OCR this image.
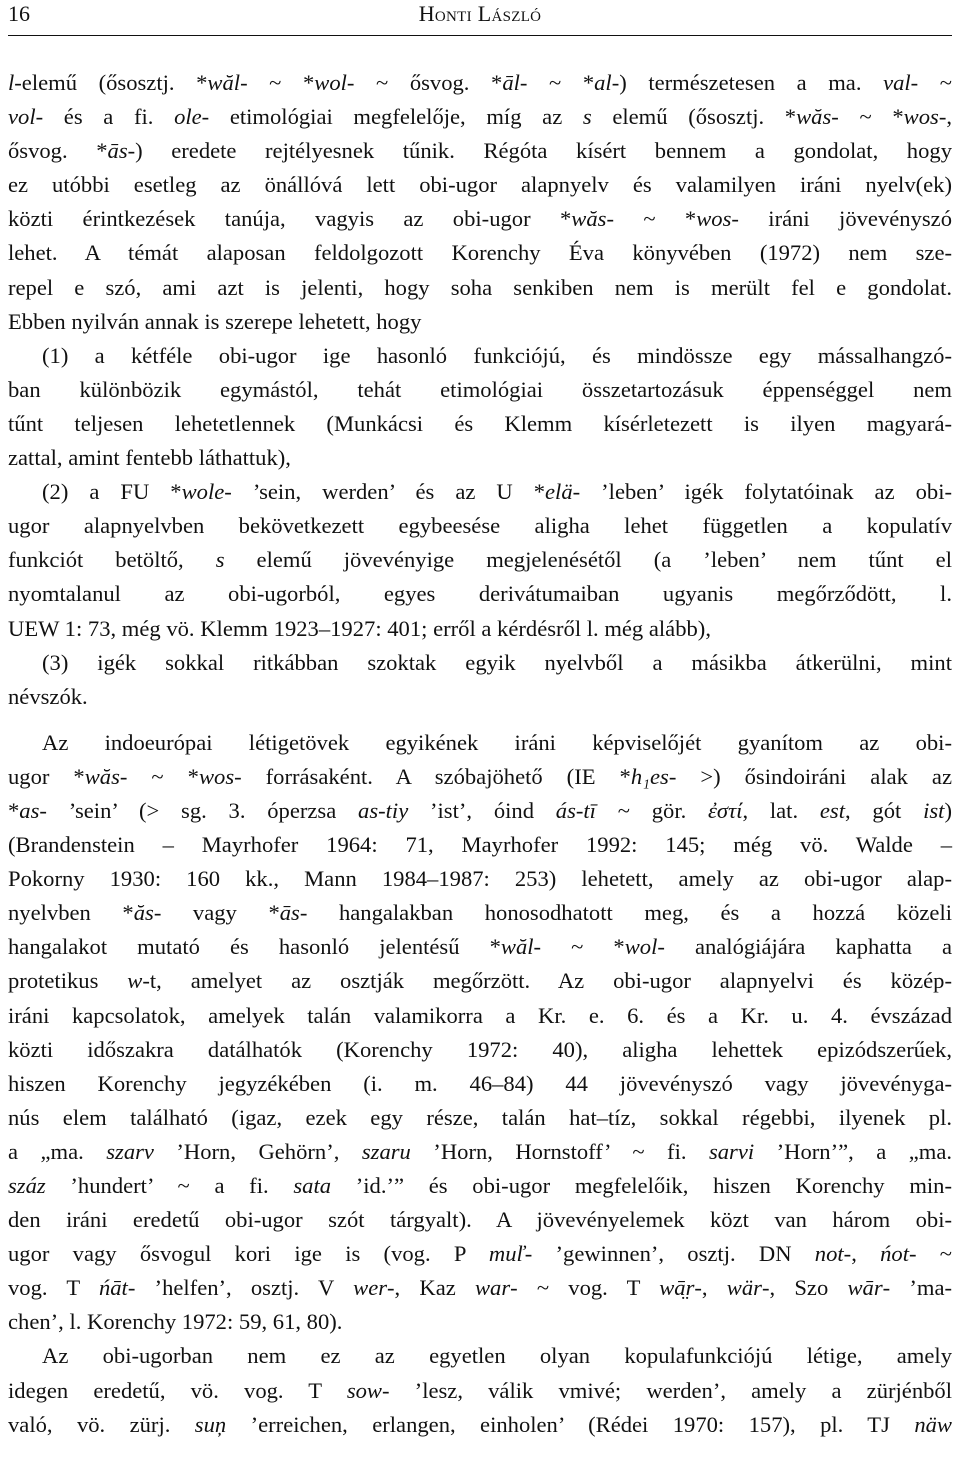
16	Honti László
l-elemű (ősosztj. *wăl- ~ *wol- ~ ősvog. *āl- ~ *al-) természetesen a ma. val- ~
vol- és a fi. ole- etimológiai megfelelője, míg az s elemű (ősosztj. *wăs- ~ *wos-,
ősvog. *ās-) eredete rejtélyesnek tűnik. Régóta kísért bennem a gondolat, hogy
ez utóbbi esetleg az önállóvá lett obi-ugor alapnyelv és valamilyen iráni nyelv(ek)
közti érintkezések tanúja, vagyis az obi-ugor *wăs- ~ *wos- iráni jövevényszó
lehet. A témát alaposan feldolgozott Korenchy Éva könyvében (1972) nem sze-
repel e szó, ami azt is jelenti, hogy soha senkiben nem is merült fel e gondolat.
Ebben nyilván annak is szerepe lehetett, hogy
(1) a kétféle obi-ugor ige hasonló funkciójú, és mindössze egy mássalhangzó-
ban különbözik egymástól, tehát etimológiai összetartozásuk éppenséggel nem
tűnt teljesen lehetetlennek (Munkácsi és Klemm kísérletezett is ilyen magyará-
zattal, amint fentebb láthattuk),
(2) a FU *wole- ’sein, werden’ és az U *elä- ’leben’ igék folytatóinak az obi-
ugor alapnyelvben bekövetkezett egybeesése aligha lehet független a kopulatív
funkciót betöltő, s elemű jövevényige megjelenésétől (a ’leben’ nem tűnt el
nyomtalanul az obi-ugorból, egyes derivátumaiban ugyanis megőrződött, l.
UEW 1: 73, még vö. Klemm 1923–1927: 401; erről a kérdésről l. még alább),
(3) igék sokkal ritkábban szoktak egyik nyelvből a másikba átkerülni, mint
névszók.
Az indoeurópai létigetövek egyikének iráni képviselőjét gyanítom az obi-
ugor *wăs- ~ *wos- forrásaként. A szóbajöhető (IE *h₁es- >) ősindoiráni alak az
*as- ’sein’ (> sg. 3. óperzsa as-tiy ’ist’, óind ás-tī ~ gör. ἐστί, lat. est, gót ist)
(Brandenstein – Mayrhofer 1964: 71, Mayrhofer 1992: 145; még vö. Walde –
Pokorny 1930: 160 kk., Mann 1984–1987: 253) lehetett, amely az obi-ugor alap-
nyelvben *ăs- vagy *ās- hangalakban honosodhatott meg, és a hozzá közeli
hangalakot mutató és hasonló jelentésű *wăl- ~ *wol- analógiájára kaphatta a
protetikus w-t, amelyet az osztják megőrzött. Az obi-ugor alapnyelvi és közép-
iráni kapcsolatok, amelyek talán valamikorra a Kr. e. 6. és a Kr. u. 4. évszázad
közti időszakra datálhatók (Korenchy 1972: 40), aligha lehettek epizódszerűek,
hiszen Korenchy jegyzékében (i. m. 46–84) 44 jövevényszó vagy jövevényga-
nús elem található (igaz, ezek egy része, talán hat–tíz, sokkal régebbi, ilyenek pl.
a „ma. szarv ’Horn, Gehörn’, szaru ’Horn, Hornstoff’ ~ fi. sarvi ’Horn’”, a „ma.
száz ’hundert’ ~ a fi. sata ’id.’” és obi-ugor megfelelőik, hiszen Korenchy min-
den iráni eredetű obi-ugor szót tárgyalt). A jövevényelemek közt van három obi-
ugor vagy ősvogul kori ige is (vog. P muľ- ’gewinnen’, osztj. DN not-, ńot- ~
vog. T ńāt- ’helfen’, osztj. V wer-, Kaz war- ~ vog. T wā̤r-, wär-, Szo wār- ’ma-
chen’, l. Korenchy 1972: 59, 61, 80).
Az obi-ugorban nem ez az egyetlen olyan kopulafunkciójú létige, amely
idegen eredetű, vö. vog. T sow- ’lesz, válik vmivé; werden’, amely a zürjénből
való, vö. zürj. suņ ’erreichen, erlangen, einholen’ (Rédei 1970: 157), pl. TJ näw
